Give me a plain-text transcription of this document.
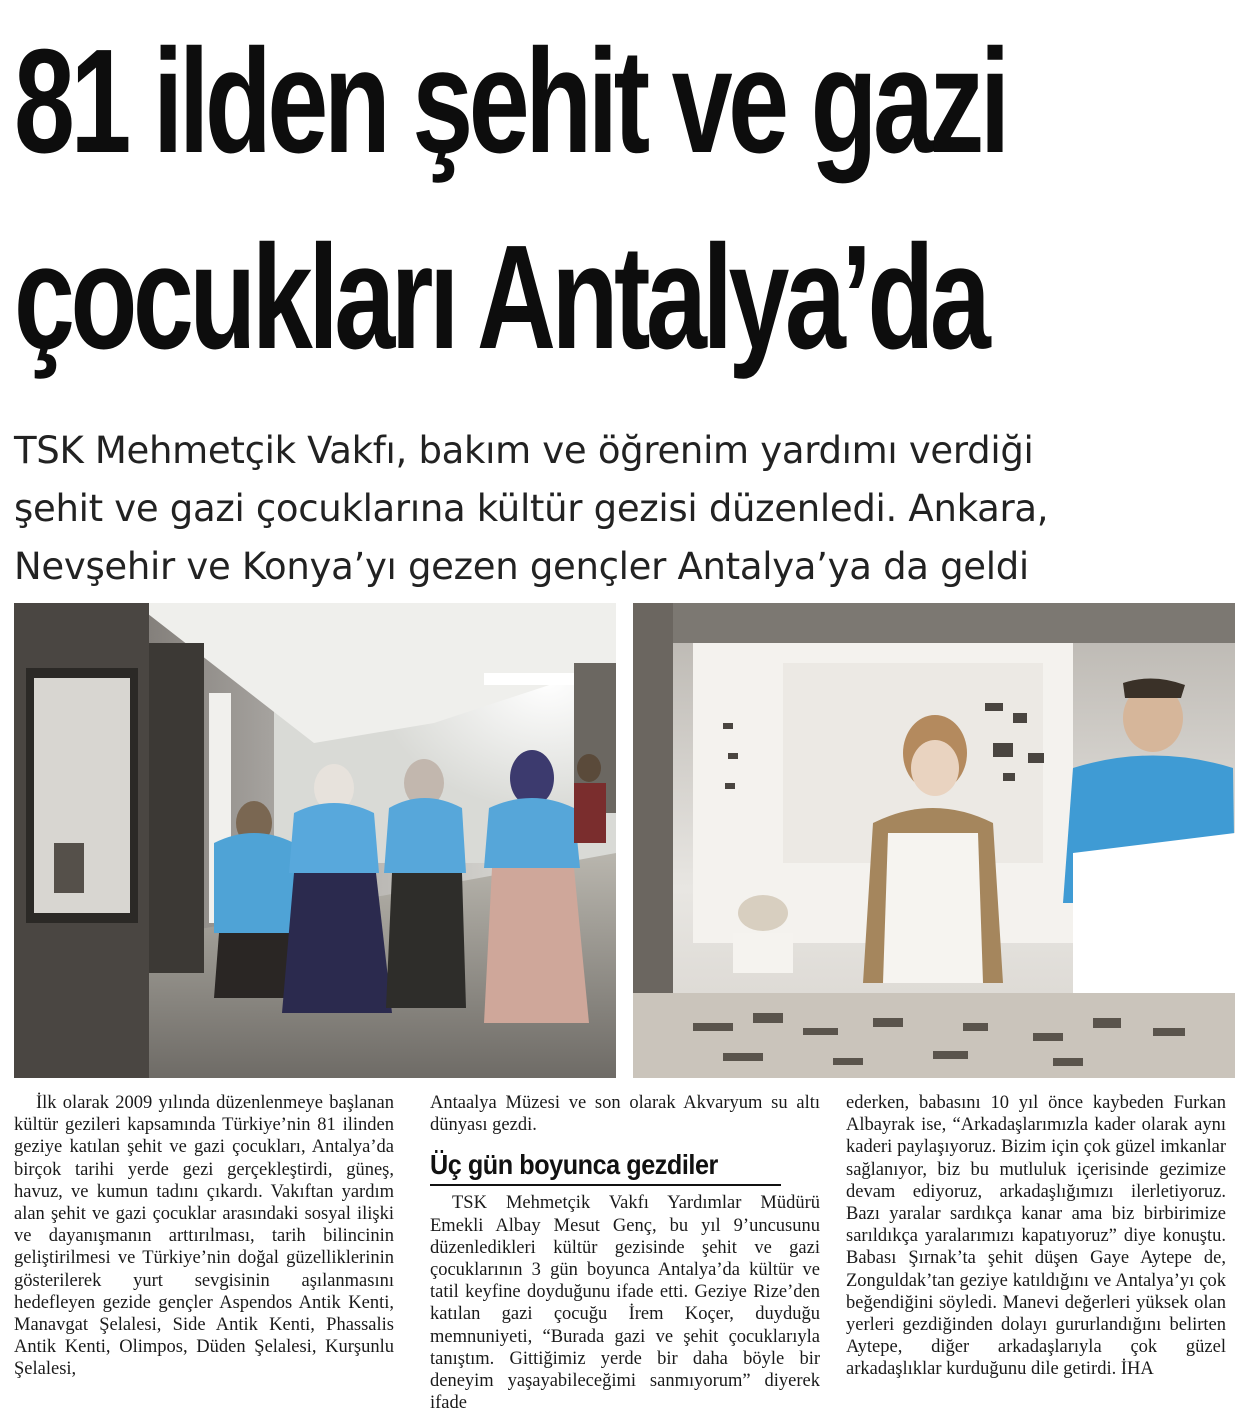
81 ilden şehit ve gazi
çocukları Antalya’da
TSK Mehmetçik Vakfı, bakım ve öğrenim yardımı verdiği
şehit ve gazi çocuklarına kültür gezisi düzenledi. Ankara,
Nevşehir ve Konya’yı gezen gençler Antalya’ya da geldi

İlk olarak 2009 yılında düzenlenmeye başlanan kültür gezileri kapsamında Türkiye’nin 81 ilinden geziye katılan şehit ve gazi çocukları, Antalya’da birçok tarihi yerde gezi gerçekleştirdi, güneş, havuz, ve kumun tadını çıkardı. Vakıftan yardım alan şehit ve gazi çocuklar arasındaki sosyal ilişki ve dayanışmanın arttırılması, tarih bilincinin geliştirilmesi ve Türkiye’nin doğal güzelliklerinin gösterilerek yurt sevgisinin aşılanmasını hedefleyen gezide gençler Aspendos Antik Kenti, Manavgat Şelalesi, Side Antik Kenti, Phassalis Antik Kenti, Olimpos, Düden Şelalesi, Kurşunlu Şelalesi,

Antaalya Müzesi ve son olarak Akvaryum su altı dünyası gezdi.

Üç gün boyunca gezdiler

TSK Mehmetçik Vakfı Yardımlar Müdürü Emekli Albay Mesut Genç, bu yıl 9’uncusunu düzenledikleri kültür gezisinde şehit ve gazi çocuklarının 3 gün boyunca Antalya’da kültür ve tatil keyfine doyduğunu ifade etti. Geziye Rize’den katılan gazi çocuğu İrem Koçer, duyduğu memnuniyeti, “Burada gazi ve şehit çocuklarıyla tanıştım. Gittiğimiz yerde bir daha böyle bir deneyim yaşayabileceğimi sanmıyorum” diyerek ifade

ederken, babasını 10 yıl önce kaybeden Furkan Albayrak ise, “Arkadaşlarımızla kader olarak aynı kaderi paylaşıyoruz. Bizim için çok güzel imkanlar sağlanıyor, biz bu mutluluk içerisinde gezimize devam ediyoruz, arkadaşlığımızı ilerletiyoruz. Bazı yaralar sardıkça kanar ama biz birbirimize sarıldıkça yaralarımızı kapatıyoruz” diye konuştu. Babası Şırnak’ta şehit düşen Gaye Aytepe de, Zonguldak’tan geziye katıldığını ve Antalya’yı çok beğendiğini söyledi. Manevi değerleri yüksek olan yerleri gezdiğinden dolayı gururlandığını belirten Aytepe, diğer arkadaşlarıyla çok güzel arkadaşlıklar kurduğunu dile getirdi. İHA
